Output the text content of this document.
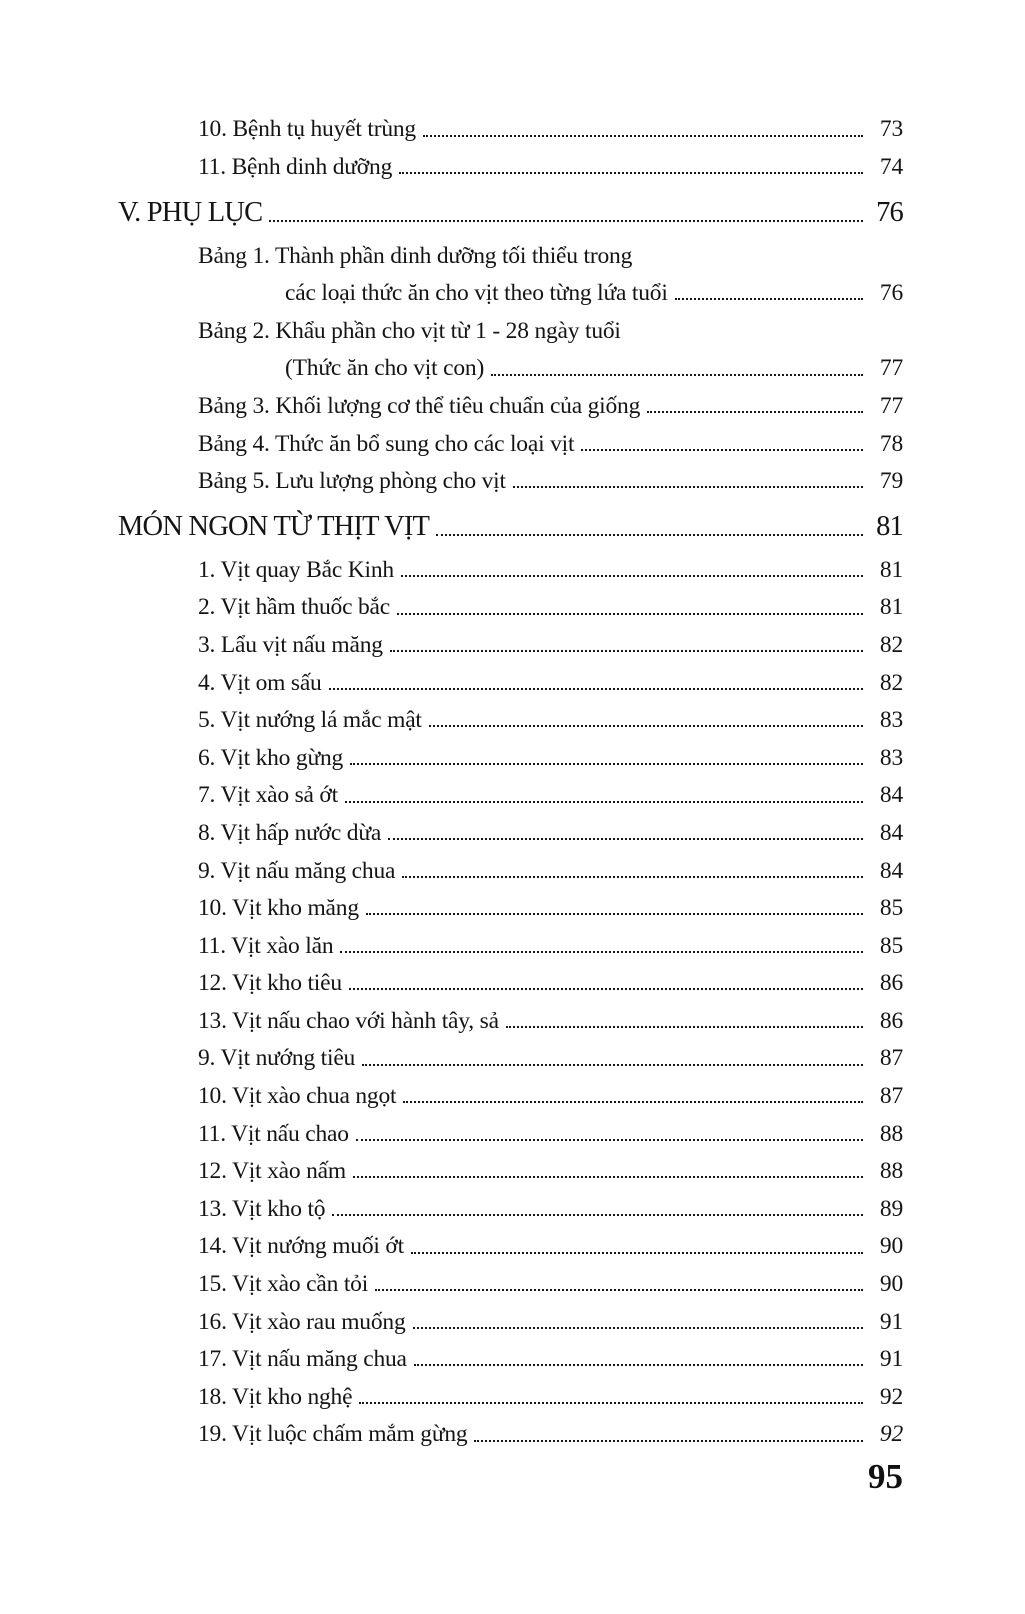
10. Bệnh tụ huyết trùng	73
11. Bệnh dinh dưỡng	74
V. PHỤ LỤC	76
Bảng 1. Thành phần dinh dưỡng tối thiểu trong
các loại thức ăn cho vịt theo từng lứa tuổi	76
Bảng 2. Khẩu phần cho vịt từ 1 - 28 ngày tuổi
(Thức ăn cho vịt con)	77
Bảng 3. Khối lượng cơ thể tiêu chuẩn của giống	77
Bảng 4. Thức ăn bổ sung cho các loại vịt	78
Bảng 5. Lưu lượng phòng cho vịt	79
MÓN NGON TỪ THỊT VỊT	81
1. Vịt quay Bắc Kinh	81
2. Vịt hầm thuốc bắc	81
3. Lẩu vịt nấu măng	82
4. Vịt om sấu	82
5. Vịt nướng lá mắc mật	83
6. Vịt kho gừng	83
7. Vịt xào sả ớt	84
8. Vịt hấp nước dừa	84
9. Vịt nấu măng chua	84
10. Vịt kho măng	85
11. Vịt xào lăn	85
12. Vịt kho tiêu	86
13. Vịt nấu chao với hành tây, sả	86
9. Vịt nướng tiêu	87
10. Vịt xào chua ngọt	87
11. Vịt nấu chao	88
12. Vịt xào nấm	88
13. Vịt kho tộ	89
14. Vịt nướng muối ớt	90
15. Vịt xào cần tỏi	90
16. Vịt xào rau muống	91
17. Vịt nấu măng chua	91
18. Vịt kho nghệ	92
19. Vịt luộc chấm mắm gừng	92
95
